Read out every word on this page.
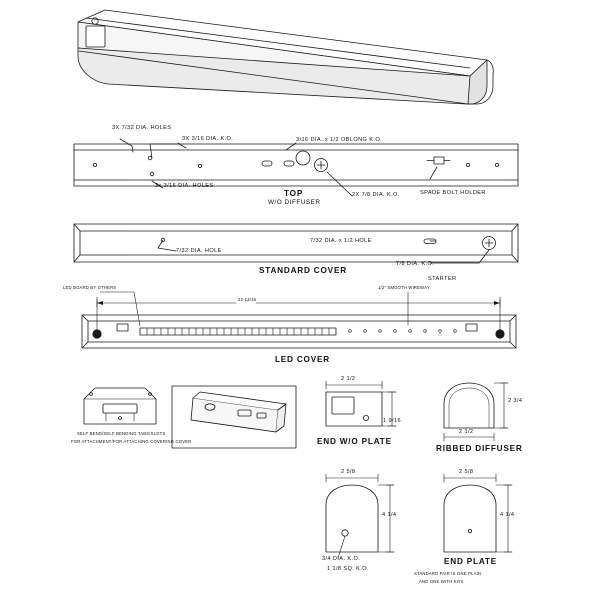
3X 7/32 DIA. HOLES
3X 3/16 DIA. K.O.	3/16 DIA. x 1/2 OBLONG K.O.
3x 3/16 DIA. HOLES
2X 7/8 DIA. K.O.	SPADE BOLT HOLDER
TOP
W/O DIFFUSER
7/32 DIA. HOLE
7/32 DIA. x 1/2 HOLE
7/8 DIA. K.O.
STARTER
STANDARD COVER
LED BOARD BY OTHERS
23-13/16
1/2" SMOOTH WIREWAY
LED COVER
SELF BEND/SELF BENDING TABS/SLOTS
FOR ATTACHMENT/FOR ATTACHING COVERING COVER
2 1/2
1 9/16
END W/O PLATE
2 3/4
2 1/2
RIBBED DIFFUSER
2 5/8
4 1/4
3/4 DIA. K.O.
1 1/8 SQ. K.O.
2 5/8
4 1/4
END PLATE
STANDARD PAIR IS ONE PLAIN
AND ONE WITH KO's
